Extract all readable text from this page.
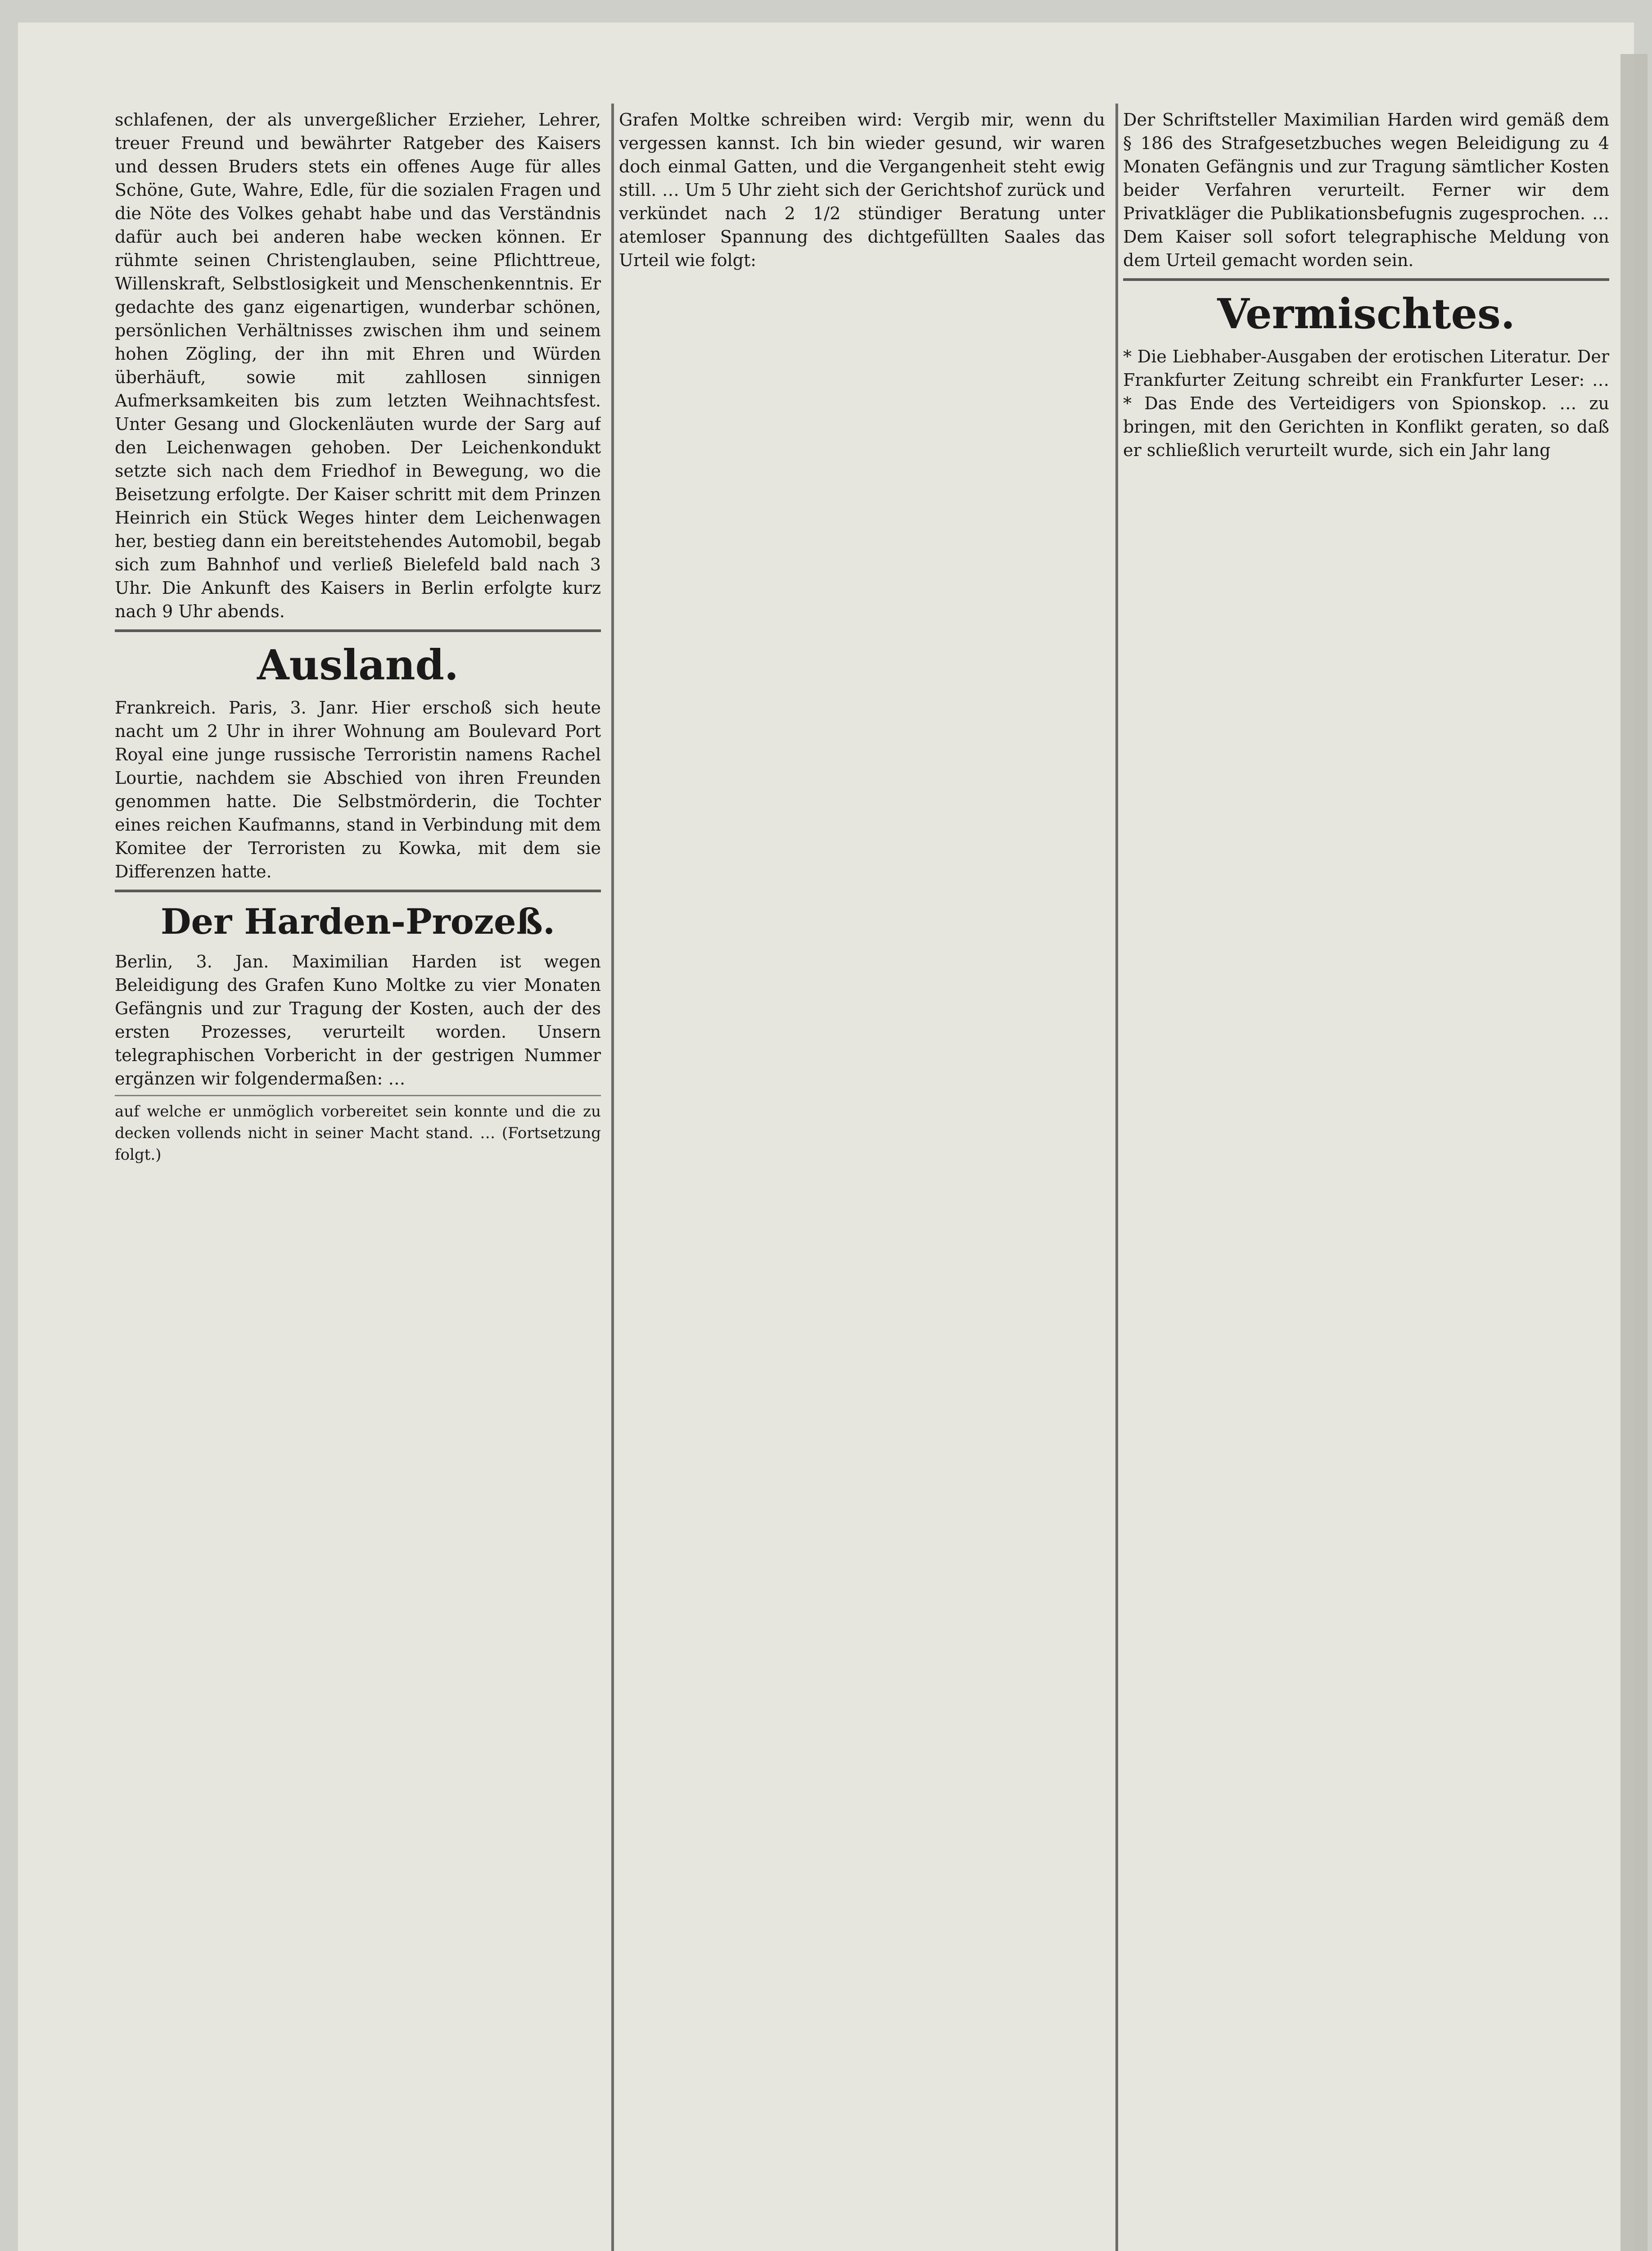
schlafenen, der als unvergeßlicher Erzieher, Lehrer, treuer Freund und bewährter Ratgeber des Kaisers und dessen Bruders stets ein offenes Auge für alles Schöne, Gute, Wahre, Edle, für die sozialen Fragen und die Nöte des Volkes gehabt habe und das Verständnis dafür auch bei anderen habe wecken können. Er rühmte seinen Christenglauben, seine Pflichttreue, Willenskraft, Selbstlosigkeit und Menschenkenntnis. Er gedachte des ganz eigenartigen, wunderbar schönen, persönlichen Verhältnisses zwischen ihm und seinem hohen Zögling, der ihn mit Ehren und Würden überhäuft, sowie mit zahllosen sinnigen Aufmerksamkeiten bis zum letzten Weihnachtsfest. Unter Gesang und Glockenläuten wurde der Sarg auf den Leichenwagen gehoben. Der Leichenkondukt setzte sich nach dem Friedhof in Bewegung, wo die Beisetzung erfolgte. Der Kaiser schritt mit dem Prinzen Heinrich ein Stück Weges hinter dem Leichenwagen her, bestieg dann ein bereitstehendes Automobil, begab sich zum Bahnhof und verließ Bielefeld bald nach 3 Uhr. Die Ankunft des Kaisers in Berlin erfolgte kurz nach 9 Uhr abends.
Ausland.
Frankreich. Paris, 3. Janr. Hier erschoß sich heute nacht um 2 Uhr in ihrer Wohnung am Boulevard Port Royal eine junge russische Terroristin namens Rachel Lourtie, nachdem sie Abschied von ihren Freunden genommen hatte. Die Selbstmörderin, die Tochter eines reichen Kaufmanns, stand in Verbindung mit dem Komitee der Terroristen zu Kowka, mit dem sie Differenzen hatte.
Der Harden-Prozeß.
Berlin, 3. Jan. Maximilian Harden ist wegen Beleidigung des Grafen Kuno Moltke zu vier Monaten Gefängnis und zur Tragung der Kosten, auch der des ersten Prozesses, verurteilt worden. Unsern telegraphischen Vorbericht in der gestrigen Nummer ergänzen wir folgendermaßen: …
auf welche er unmöglich vorbereitet sein konnte und die zu decken vollends nicht in seiner Macht stand. … (Fortsetzung folgt.)
Grafen Moltke schreiben wird: Vergib mir, wenn du vergessen kannst. Ich bin wieder gesund, wir waren doch einmal Gatten, und die Vergangenheit steht ewig still. … Um 5 Uhr zieht sich der Gerichtshof zurück und verkündet nach 2 1/2 stündiger Beratung unter atemloser Spannung des dichtgefüllten Saales das Urteil wie folgt:
Der Schriftsteller Maximilian Harden wird gemäß dem § 186 des Strafgesetzbuches wegen Beleidigung zu 4 Monaten Gefängnis und zur Tragung sämtlicher Kosten beider Verfahren verurteilt. Ferner wir dem Privatkläger die Publikationsbefugnis zugesprochen. … Dem Kaiser soll sofort telegraphische Meldung von dem Urteil gemacht worden sein.
Vermischtes.
* Die Liebhaber-Ausgaben der erotischen Literatur. Der Frankfurter Zeitung schreibt ein Frankfurter Leser: … * Das Ende des Verteidigers von Spionskop. … zu bringen, mit den Gerichten in Konflikt geraten, so daß er schließlich verurteilt wurde, sich ein Jahr lang
